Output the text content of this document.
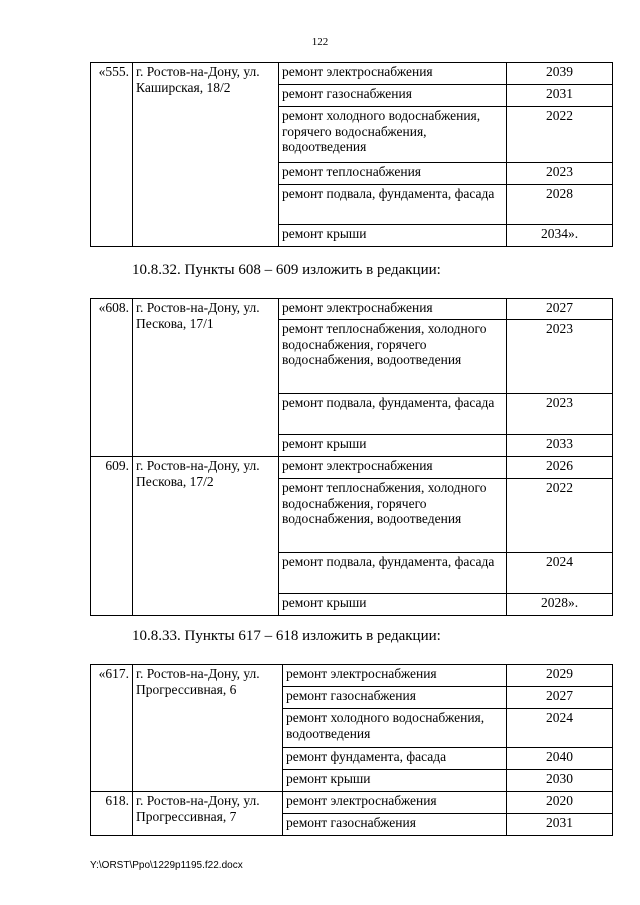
122
«555.	г. Ростов-на-Дону, ул. Каширская, 18/2	ремонт электроснабжения	2039
		ремонт газоснабжения	2031
		ремонт холодного водоснабжения, горячего водоснабжения, водоотведения	2022
		ремонт теплоснабжения	2023
		ремонт подвала, фундамента, фасада	2028
		ремонт крыши	2034».
10.8.32. Пункты 608 – 609 изложить в редакции:
«608.	г. Ростов-на-Дону, ул. Пескова, 17/1	ремонт электроснабжения	2027
		ремонт теплоснабжения, холодного водоснабжения, горячего водоснабжения, водоотведения	2023
		ремонт подвала, фундамента, фасада	2023
		ремонт крыши	2033
609.	г. Ростов-на-Дону, ул. Пескова, 17/2	ремонт электроснабжения	2026
		ремонт теплоснабжения, холодного водоснабжения, горячего водоснабжения, водоотведения	2022
		ремонт подвала, фундамента, фасада	2024
		ремонт крыши	2028».
10.8.33. Пункты 617 – 618 изложить в редакции:
«617.	г. Ростов-на-Дону, ул. Прогрессивная, 6	ремонт электроснабжения	2029
		ремонт газоснабжения	2027
		ремонт холодного водоснабжения, водоотведения	2024
		ремонт фундамента, фасада	2040
		ремонт крыши	2030
618.	г. Ростов-на-Дону, ул. Прогрессивная, 7	ремонт электроснабжения	2020
		ремонт газоснабжения	2031
Y:\ORST\Ppo\1229p1195.f22.docx
